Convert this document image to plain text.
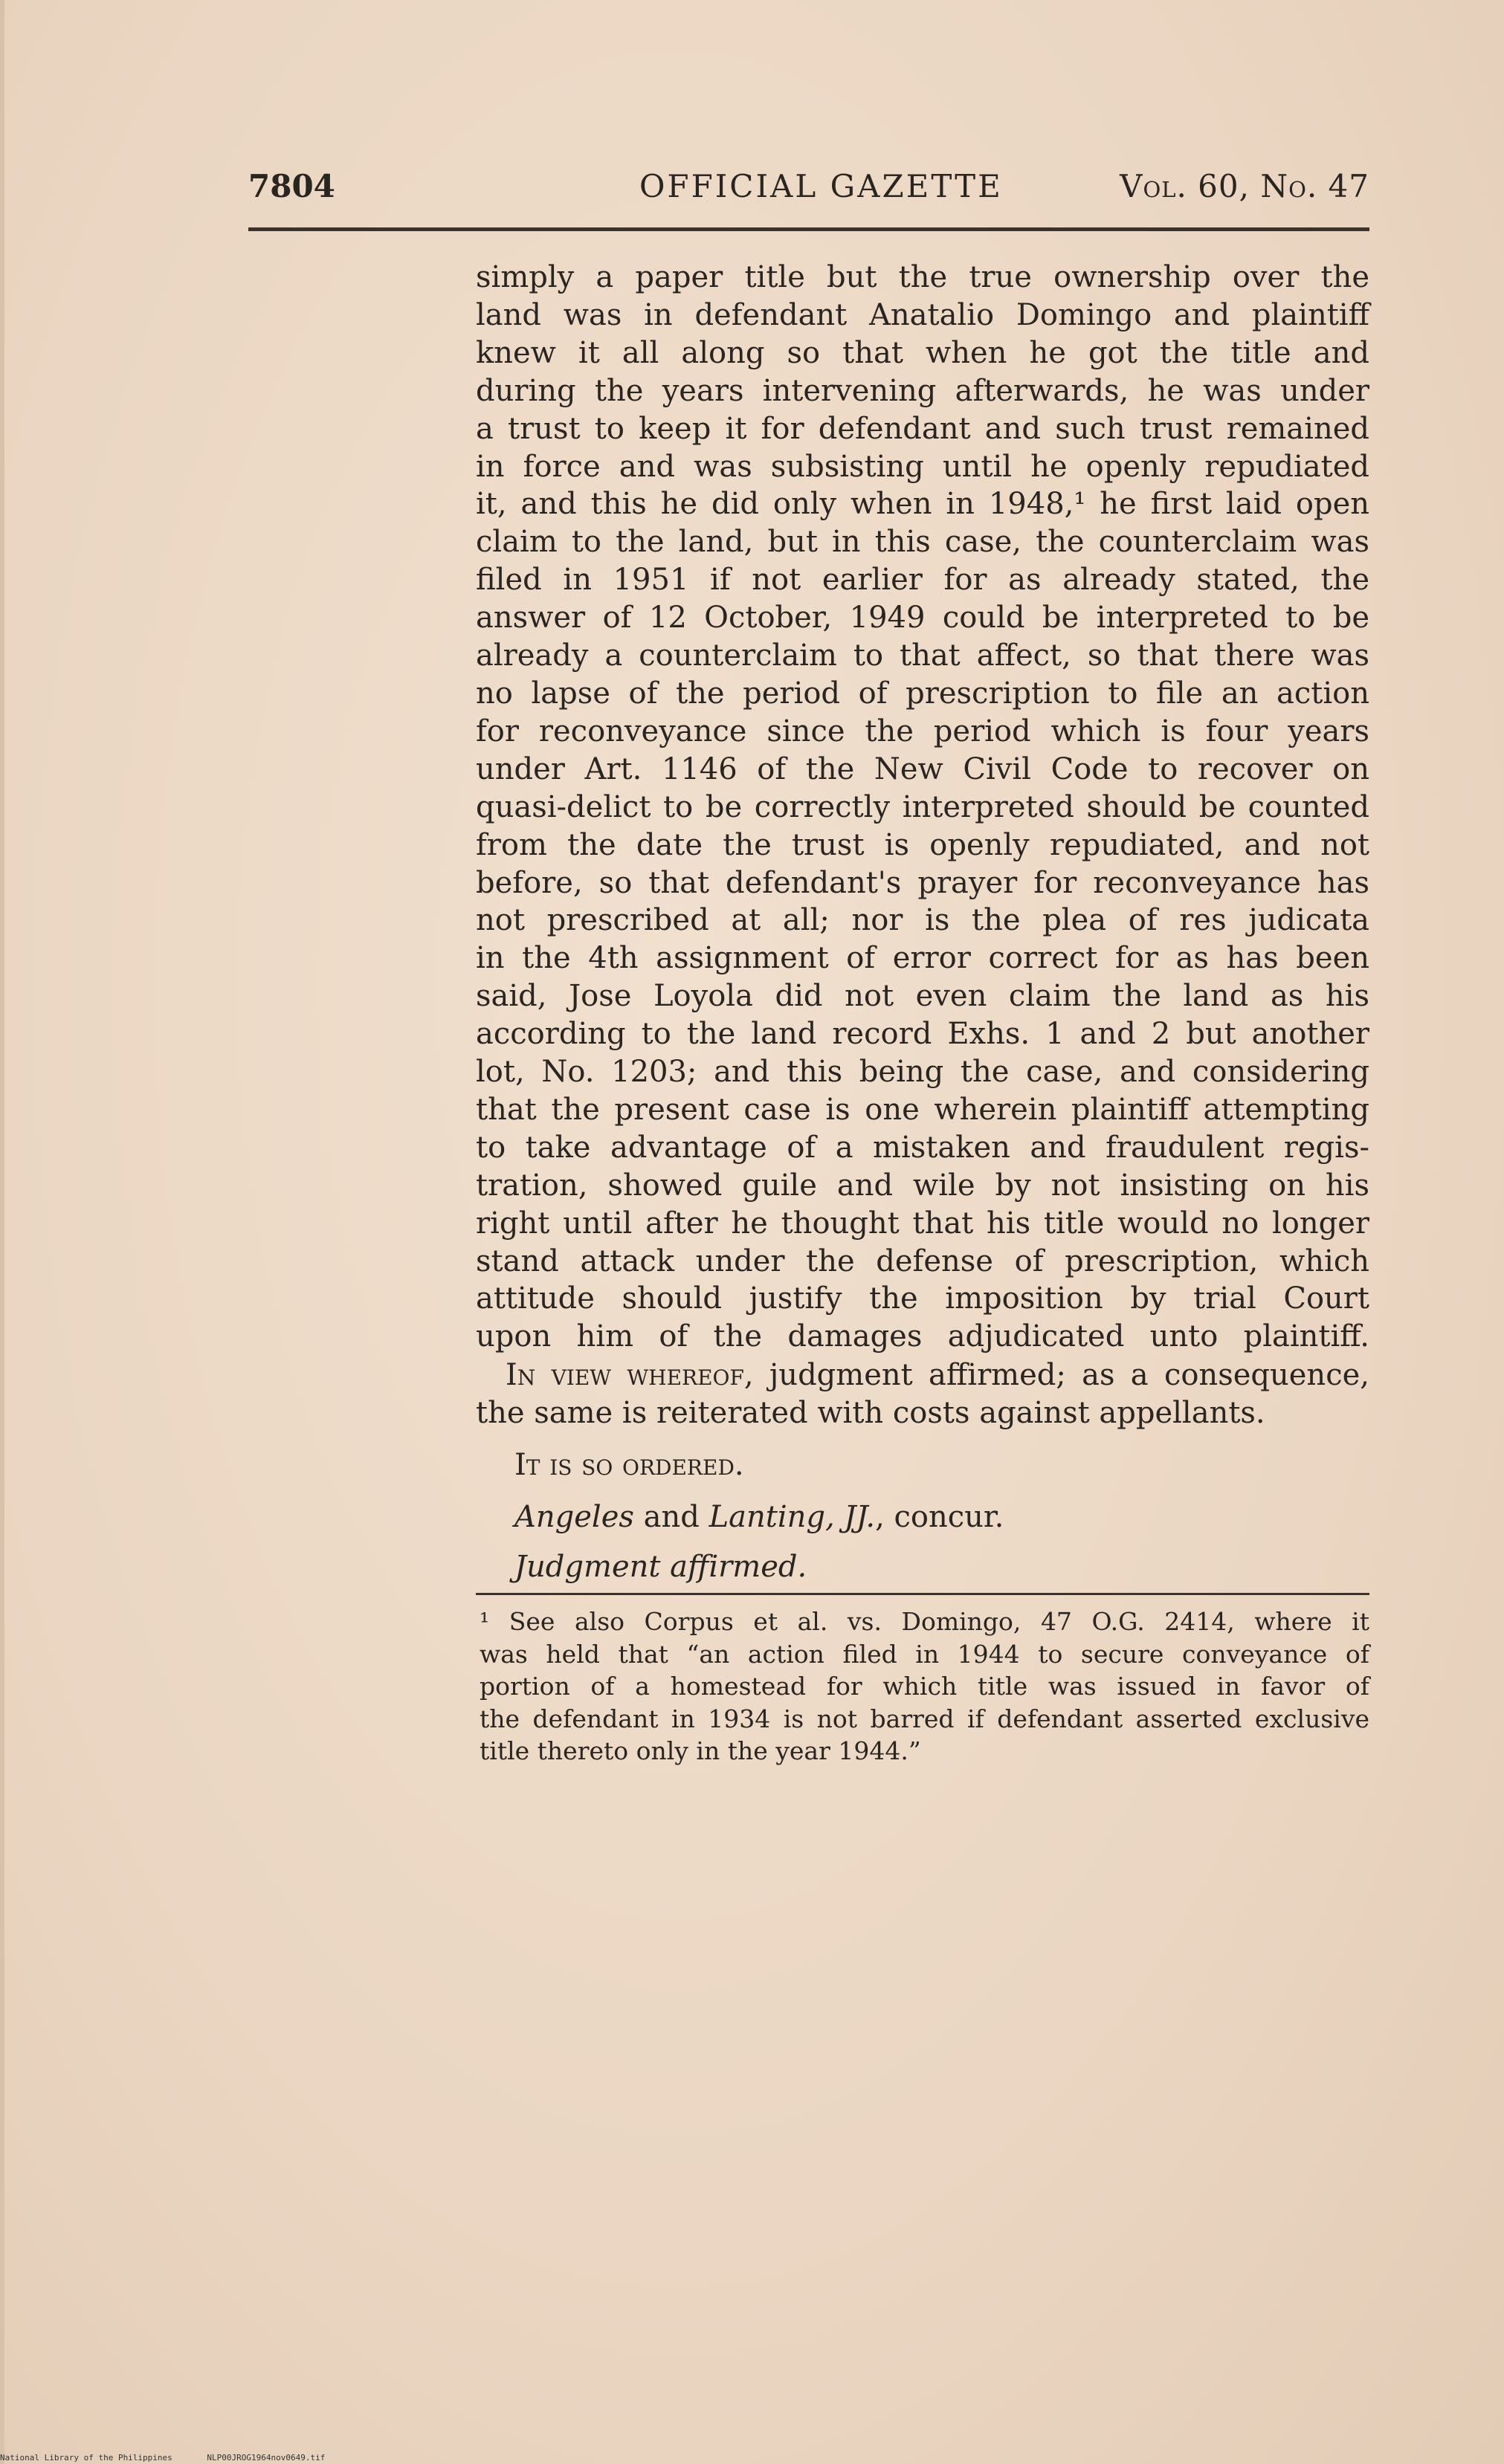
7804	OFFICIAL GAZETTE	Vol. 60, No. 47
simply a paper title but the true ownership over the
land was in defendant Anatalio Domingo and plaintiff
knew it all along so that when he got the title and
during the years intervening afterwards, he was under
a trust to keep it for defendant and such trust remained
in force and was subsisting until he openly repudiated
it, and this he did only when in 1948,¹ he first laid open
claim to the land, but in this case, the counterclaim was
filed in 1951 if not earlier for as already stated, the
answer of 12 October, 1949 could be interpreted to be
already a counterclaim to that affect, so that there was
no lapse of the period of prescription to file an action
for reconveyance since the period which is four years
under Art. 1146 of the New Civil Code to recover on
quasi-delict to be correctly interpreted should be counted
from the date the trust is openly repudiated, and not
before, so that defendant's prayer for reconveyance has
not prescribed at all; nor is the plea of res judicata
in the 4th assignment of error correct for as has been
said, Jose Loyola did not even claim the land as his
according to the land record Exhs. 1 and 2 but another
lot, No. 1203; and this being the case, and considering
that the present case is one wherein plaintiff attempting
to take advantage of a mistaken and fraudulent regis-
tration, showed guile and wile by not insisting on his
right until after he thought that his title would no longer
stand attack under the defense of prescription, which
attitude should justify the imposition by trial Court
upon him of the damages adjudicated unto plaintiff.
 In view whereof, judgment affirmed; as a consequence,
the same is reiterated with costs against appellants.
It is so ordered.
Angeles and Lanting, JJ., concur.
Judgment affirmed.
¹ See also Corpus et al. vs. Domingo, 47 O.G. 2414, where it
was held that “an action filed in 1944 to secure conveyance of
portion of a homestead for which title was issued in favor of
the defendant in 1934 is not barred if defendant asserted exclusive
title thereto only in the year 1944.”
National Library of the Philippines	NLP00JROG1964nov0649.tif
